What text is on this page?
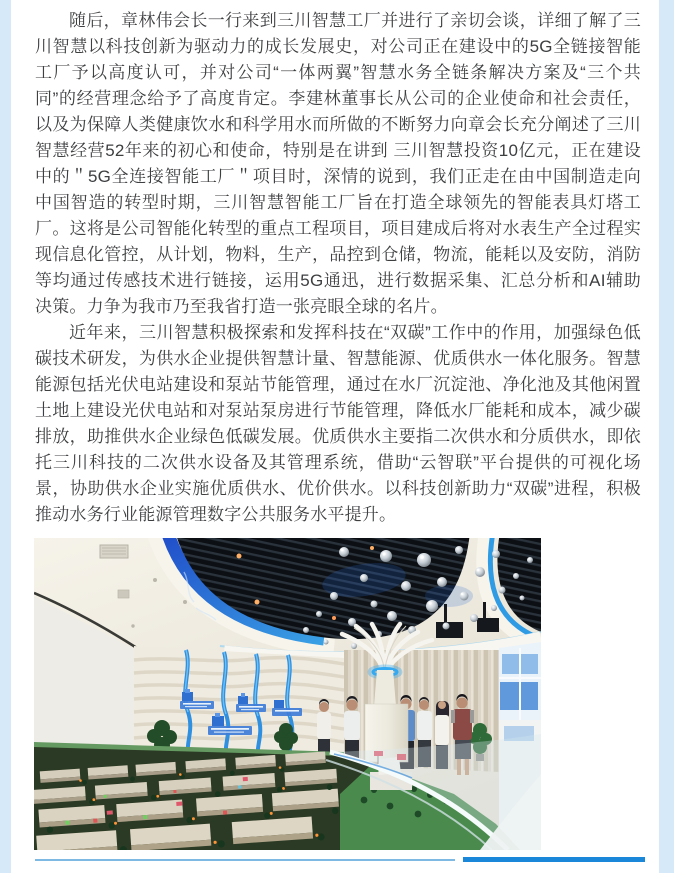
随后，章林伟会长一行来到三川智慧工厂并进行了亲切会谈，详细了解了三川智慧以科技创新为驱动力的成长发展史，对公司正在建设中的5G全链接智能工厂予以高度认可，并对公司“一体两翼”智慧水务全链条解决方案及“三个共同”的经营理念给予了高度肯定。李建林董事长从公司的企业使命和社会责任，以及为保障人类健康饮水和科学用水而所做的不断努力向章会长充分阐述了三川智慧经营52年来的初心和使命，特别是在讲到 三川智慧投资10亿元，正在建设中的＂5G全连接智能工厂＂项目时，深情的说到，我们正走在由中国制造走向中国智造的转型时期，三川智慧智能工厂旨在打造全球领先的智能表具灯塔工厂。这将是公司智能化转型的重点工程项目，项目建成后将对水表生产全过程实现信息化管控，从计划，物料，生产，品控到仓储，物流，能耗以及安防，消防等均通过传感技术进行链接，运用5G通迅，进行数据采集、汇总分析和AI辅助决策。力争为我市乃至我省打造一张亮眼全球的名片。

近年来，三川智慧积极探索和发挥科技在“双碳”工作中的作用，加强绿色低碳技术研发，为供水企业提供智慧计量、智慧能源、优质供水一体化服务。智慧能源包括光伏电站建设和泵站节能管理，通过在水厂沉淀池、净化池及其他闲置土地上建设光伏电站和对泵站泵房进行节能管理，降低水厂能耗和成本，减少碳排放，助推供水企业绿色低碳发展。优质供水主要指二次供水和分质供水，即依托三川科技的二次供水设备及其管理系统，借助“云智联”平台提供的可视化场景，协助供水企业实施优质供水、优价供水。以科技创新助力“双碳”进程，积极推动水务行业能源管理数字公共服务水平提升。
